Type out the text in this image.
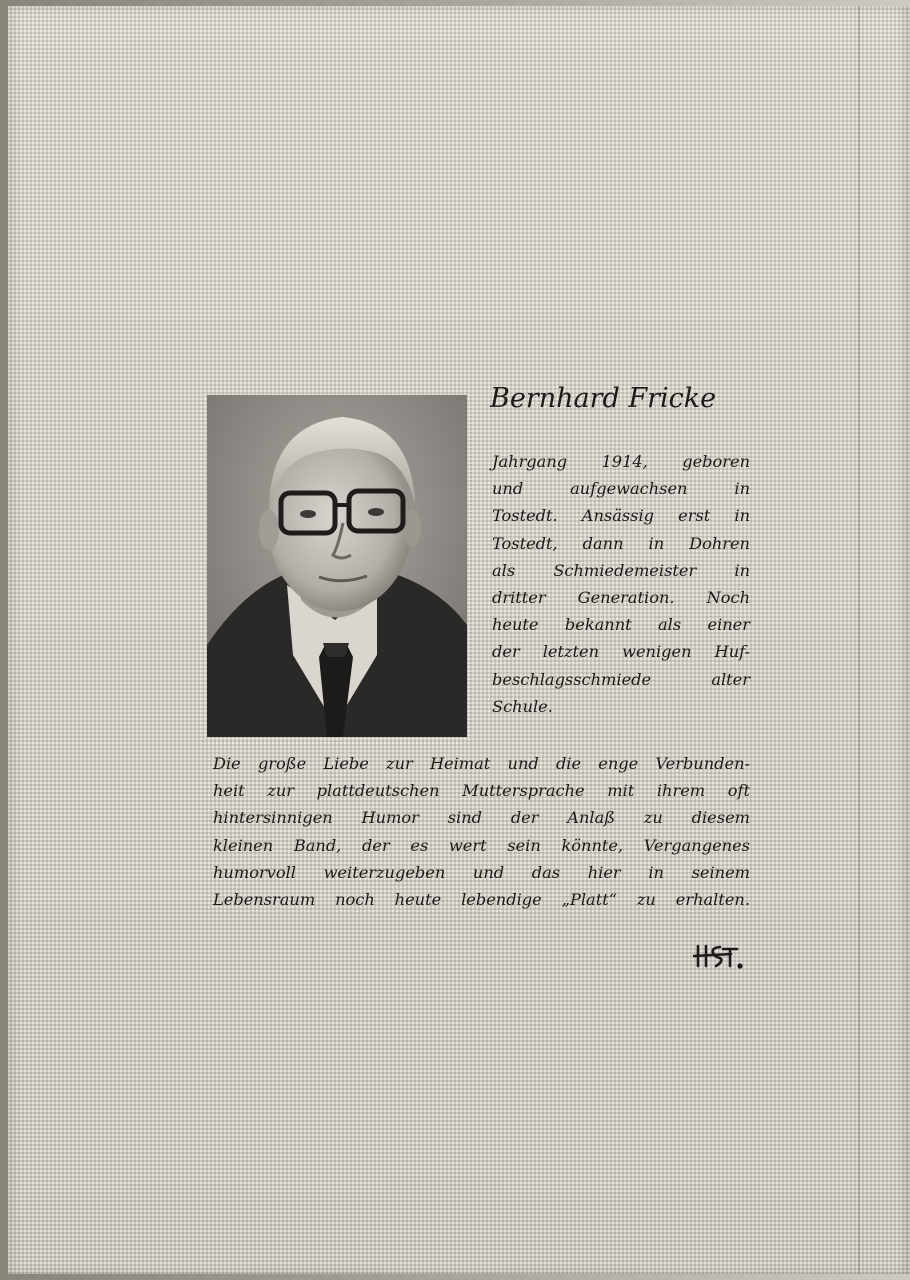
Bernhard Fricke
Jahrgang 1914, geboren
und aufgewachsen in
Tostedt. Ansässig erst in
Tostedt, dann in Dohren
als Schmiedemeister in
dritter Generation. Noch
heute bekannt als einer
der letzten wenigen Huf-
beschlagsschmiede alter
Schule.
Die große Liebe zur Heimat und die enge Verbunden-
heit zur plattdeutschen Muttersprache mit ihrem oft
hintersinnigen Humor sind der Anlaß zu diesem
kleinen Band, der es wert sein könnte, Vergangenes
humorvoll weiterzugeben und das hier in seinem
Lebensraum noch heute lebendige „Platt“ zu erhalten.
